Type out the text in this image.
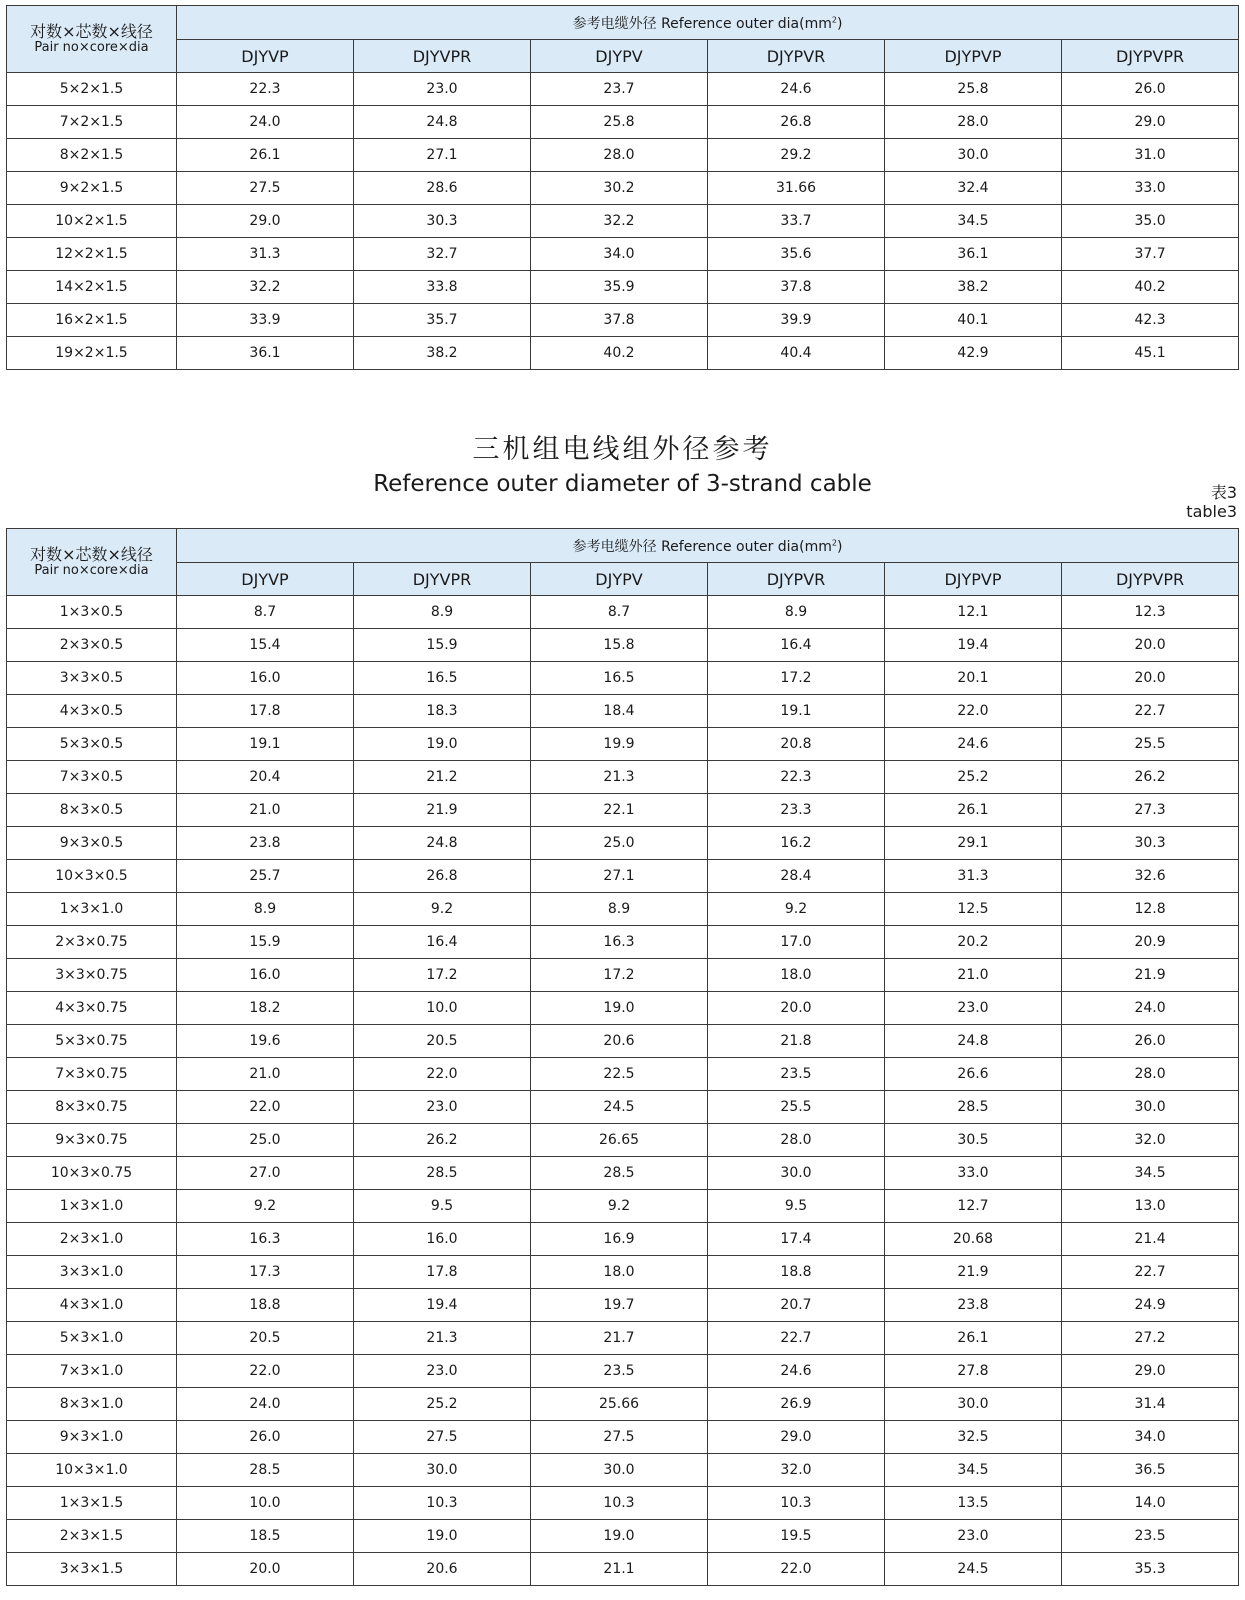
对数×芯数×线径
Pair no×core×dia	参考电缆外径 Reference outer $dia(mm^2)$					
	DJYVP	DJYVPR	DJYPV	DJYPVR	DJYPVP	DJYPVPR
5×2×1.5	22.3	23.0	23.7	24.6	25.8	26.0
7×2×1.5	24.0	24.8	25.8	26.8	28.0	29.0
8×2×1.5	26.1	27.1	28.0	29.2	30.0	31.0
9×2×1.5	27.5	28.6	30.2	31.66	32.4	33.0
10×2×1.5	29.0	30.3	32.2	33.7	34.5	35.0
12×2×1.5	31.3	32.7	34.0	35.6	36.1	37.7
14×2×1.5	32.2	33.8	35.9	37.8	38.2	40.2
16×2×1.5	33.9	35.7	37.8	39.9	40.1	42.3
19×2×1.5	36.1	38.2	40.2	40.4	42.9	45.1
三机组电线组外径参考
Reference outer diameter of 3-strand cable	表3
table3
对数×芯数×线径
Pair no×core×dia	参考电缆外径 Reference outer $dia(mm^2)$					
	DJYVP	DJYVPR	DJYPV	DJYPVR	DJYPVP	DJYPVPR
1×3×0.5	8.7	8.9	8.7	8.9	12.1	12.3
2×3×0.5	15.4	15.9	15.8	16.4	19.4	20.0
3×3×0.5	16.0	16.5	16.5	17.2	20.1	20.0
4×3×0.5	17.8	18.3	18.4	19.1	22.0	22.7
5×3×0.5	19.1	19.0	19.9	20.8	24.6	25.5
7×3×0.5	20.4	21.2	21.3	22.3	25.2	26.2
8×3×0.5	21.0	21.9	22.1	23.3	26.1	27.3
9×3×0.5	23.8	24.8	25.0	16.2	29.1	30.3
10×3×0.5	25.7	26.8	27.1	28.4	31.3	32.6
1×3×1.0	8.9	9.2	8.9	9.2	12.5	12.8
2×3×0.75	15.9	16.4	16.3	17.0	20.2	20.9
3×3×0.75	16.0	17.2	17.2	18.0	21.0	21.9
4×3×0.75	18.2	10.0	19.0	20.0	23.0	24.0
5×3×0.75	19.6	20.5	20.6	21.8	24.8	26.0
7×3×0.75	21.0	22.0	22.5	23.5	26.6	28.0
8×3×0.75	22.0	23.0	24.5	25.5	28.5	30.0
9×3×0.75	25.0	26.2	26.65	28.0	30.5	32.0
10×3×0.75	27.0	28.5	28.5	30.0	33.0	34.5
1×3×1.0	9.2	9.5	9.2	9.5	12.7	13.0
2×3×1.0	16.3	16.0	16.9	17.4	20.68	21.4
3×3×1.0	17.3	17.8	18.0	18.8	21.9	22.7
4×3×1.0	18.8	19.4	19.7	20.7	23.8	24.9
5×3×1.0	20.5	21.3	21.7	22.7	26.1	27.2
7×3×1.0	22.0	23.0	23.5	24.6	27.8	29.0
8×3×1.0	24.0	25.2	25.66	26.9	30.0	31.4
9×3×1.0	26.0	27.5	27.5	29.0	32.5	34.0
10×3×1.0	28.5	30.0	30.0	32.0	34.5	36.5
1×3×1.5	10.0	10.3	10.3	10.3	13.5	14.0
2×3×1.5	18.5	19.0	19.0	19.5	23.0	23.5
3×3×1.5	20.0	20.6	21.1	22.0	24.5	35.3
